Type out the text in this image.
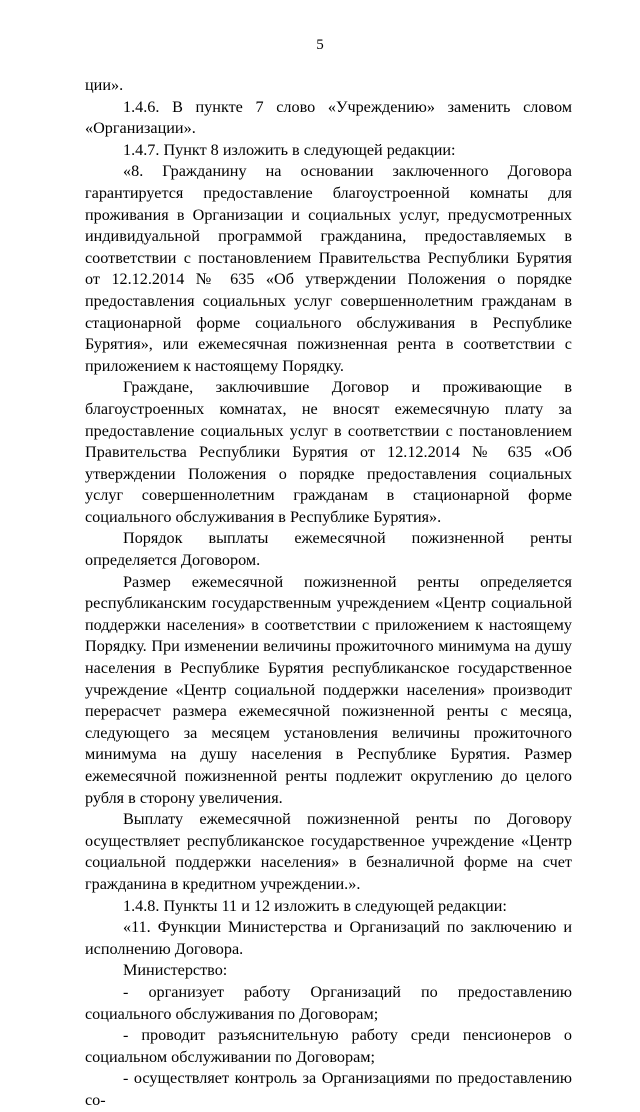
5

ции».

1.4.6. В пункте 7 слово «Учреждению» заменить словом «Организации».

1.4.7. Пункт 8 изложить в следующей редакции:

«8. Гражданину на основании заключенного Договора гарантируется предоставление благоустроенной комнаты для проживания в Организации и социальных услуг, предусмотренных индивидуальной программой гражданина, предоставляемых в соответствии с постановлением Правительства Республики Бурятия от 12.12.2014 № 635 «Об утверждении Положения о порядке предоставления социальных услуг совершеннолетним гражданам в стационарной форме социального обслуживания в Республике Бурятия», или ежемесячная пожизненная рента в соответствии с приложением к настоящему Порядку.

Граждане, заключившие Договор и проживающие в благоустроенных комнатах, не вносят ежемесячную плату за предоставление социальных услуг в соответствии с постановлением Правительства Республики Бурятия от 12.12.2014 № 635 «Об утверждении Положения о порядке предоставления социальных услуг совершеннолетним гражданам в стационарной форме социального обслуживания в Республике Бурятия».

Порядок выплаты ежемесячной пожизненной ренты определяется Договором.

Размер ежемесячной пожизненной ренты определяется республиканским государственным учреждением «Центр социальной поддержки населения» в соответствии с приложением к настоящему Порядку. При изменении величины прожиточного минимума на душу населения в Республике Бурятия республиканское государственное учреждение «Центр социальной поддержки населения» производит перерасчет размера ежемесячной пожизненной ренты с месяца, следующего за месяцем установления величины прожиточного минимума на душу населения в Республике Бурятия. Размер ежемесячной пожизненной ренты подлежит округлению до целого рубля в сторону увеличения.

Выплату ежемесячной пожизненной ренты по Договору осуществляет республиканское государственное учреждение «Центр социальной поддержки населения» в безналичной форме на счет гражданина в кредитном учреждении.».

1.4.8. Пункты 11 и 12 изложить в следующей редакции:

«11. Функции Министерства и Организаций по заключению и исполнению Договора.

Министерство:

- организует работу Организаций по предоставлению социального обслуживания по Договорам;

- проводит разъяснительную работу среди пенсионеров о социальном обслуживании по Договорам;

- осуществляет контроль за Организациями по предоставлению со-
